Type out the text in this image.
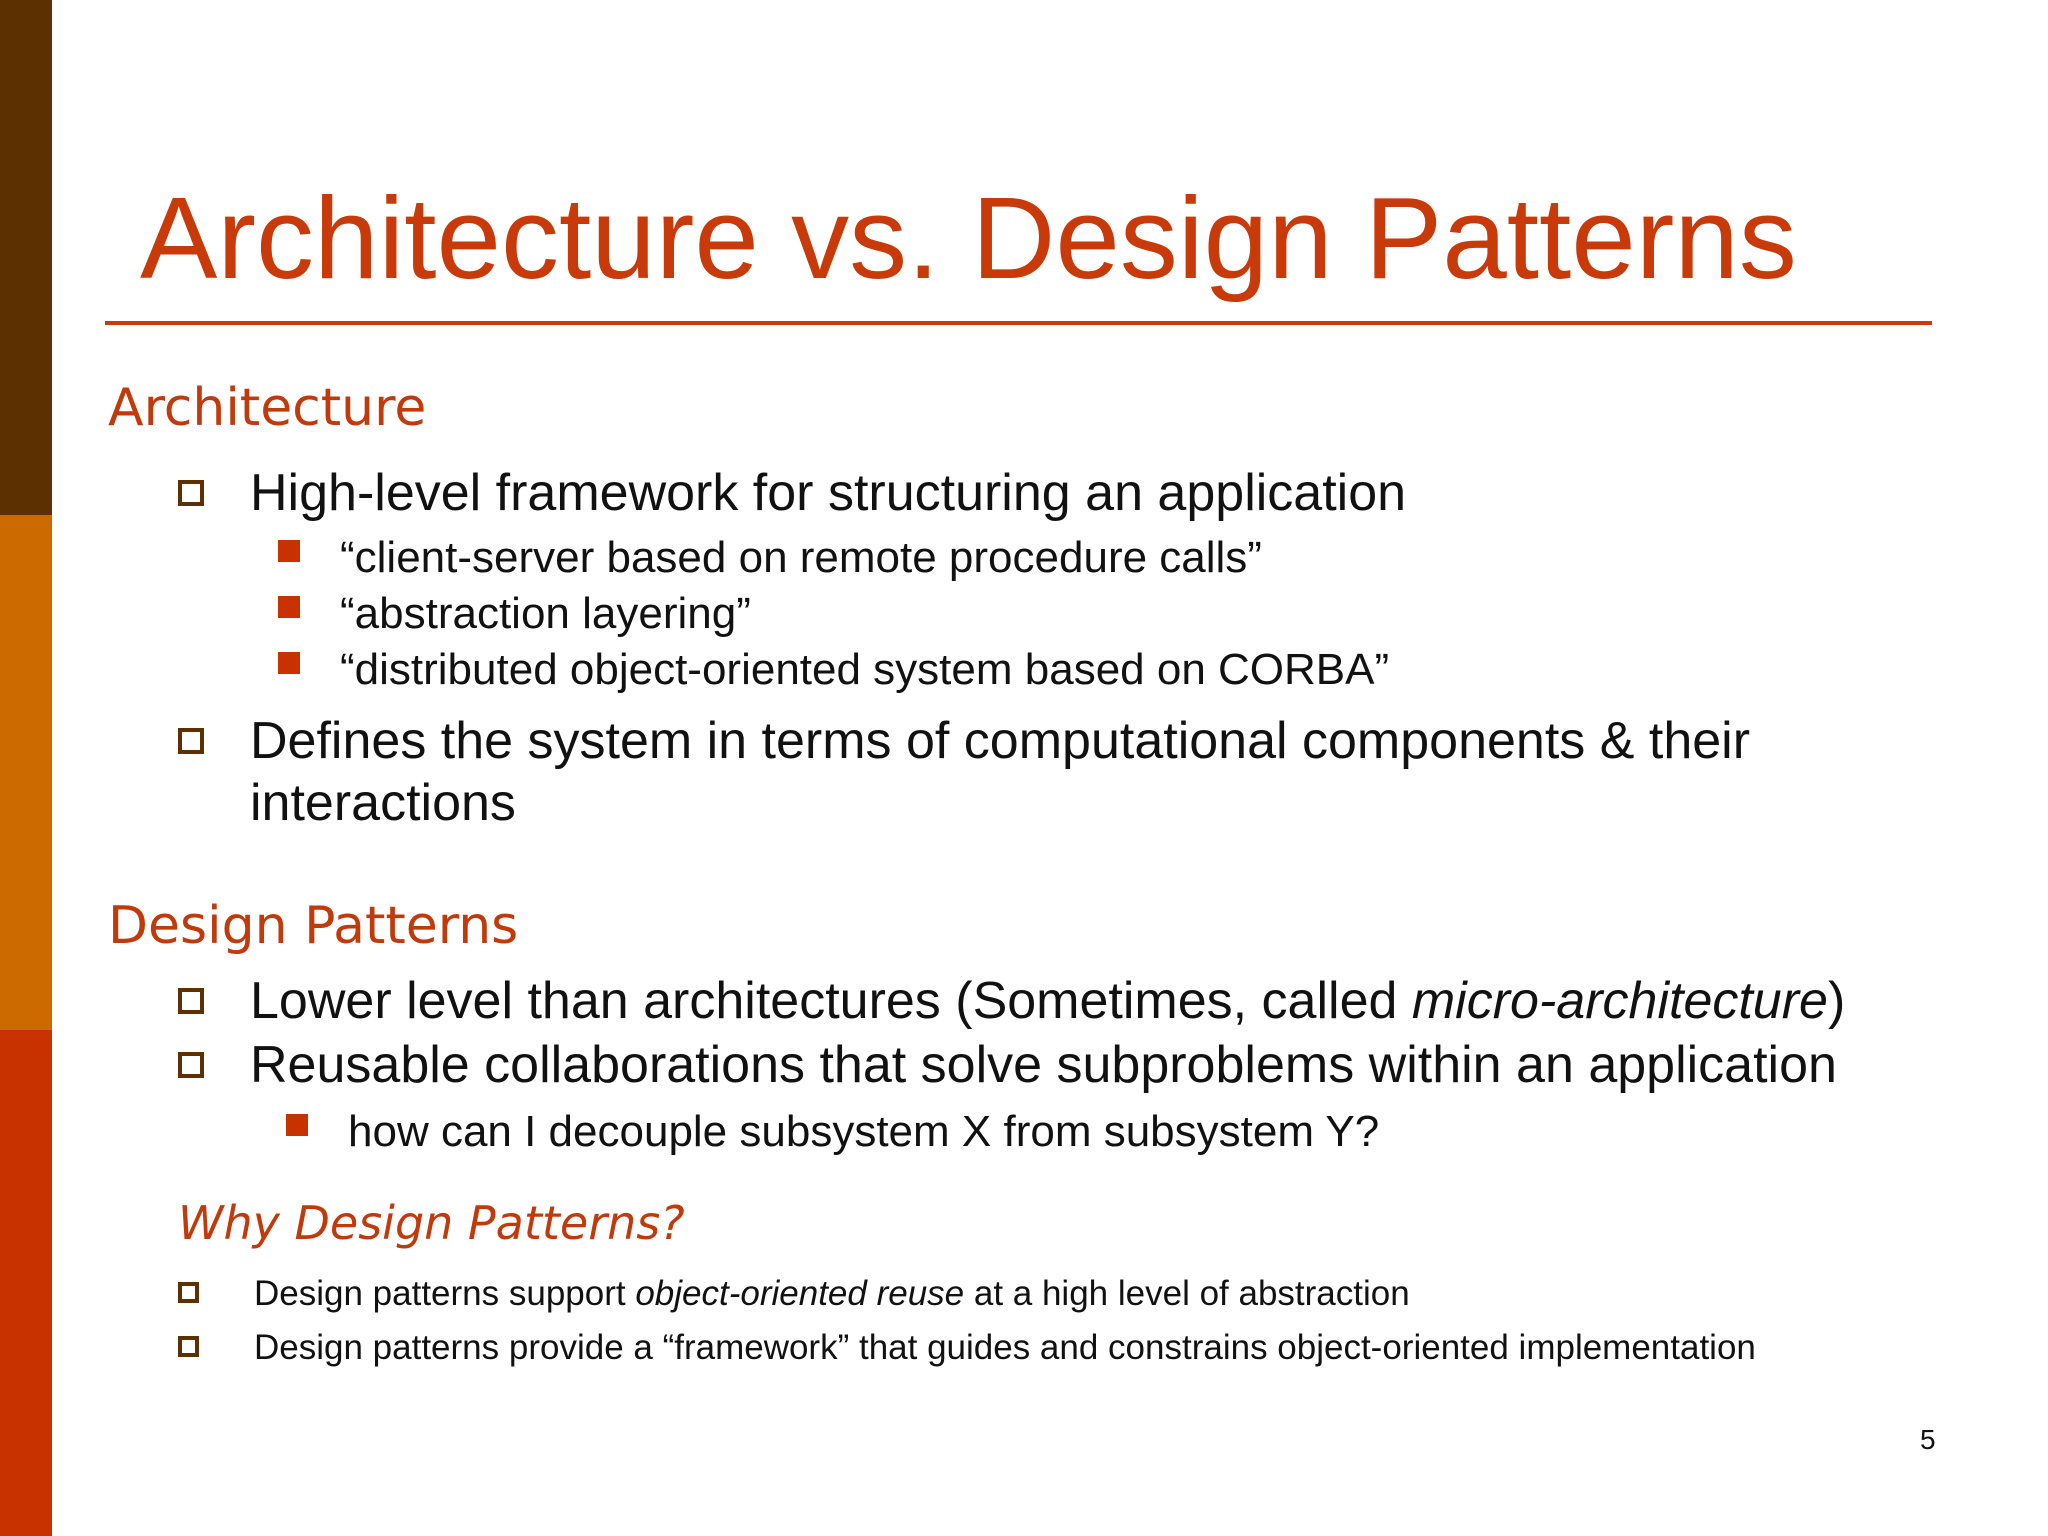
Architecture vs. Design Patterns
Architecture
High-level framework for structuring an application
“client-server based on remote procedure calls”
“abstraction layering”
“distributed object-oriented system based on CORBA”
Defines the system in terms of computational components & their
interactions
Design Patterns
Lower level than architectures (Sometimes, called micro-architecture)
Reusable collaborations that solve subproblems within an application
how can I decouple subsystem X from subsystem Y?
Why Design Patterns?
Design patterns support object-oriented reuse at a high level of abstraction
Design patterns provide a “framework” that guides and constrains object-oriented implementation
5
